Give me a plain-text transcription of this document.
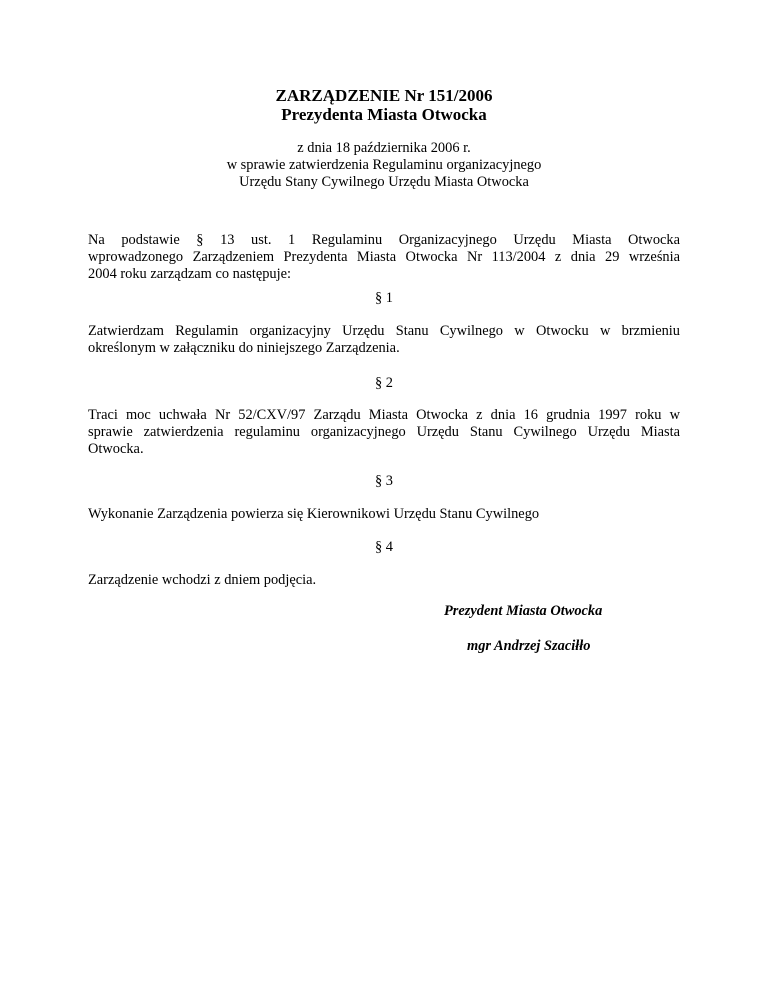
ZARZĄDZENIE Nr 151/2006
Prezydenta Miasta Otwocka
z dnia 18 października 2006 r.
w sprawie zatwierdzenia Regulaminu organizacyjnego
Urzędu Stany Cywilnego Urzędu Miasta Otwocka
Na podstawie § 13 ust. 1 Regulaminu Organizacyjnego Urzędu Miasta Otwocka
wprowadzonego Zarządzeniem Prezydenta Miasta Otwocka Nr 113/2004 z dnia 29 września
2004 roku zarządzam co następuje:
§ 1
Zatwierdzam Regulamin organizacyjny Urzędu Stanu Cywilnego w Otwocku w brzmieniu
określonym w załączniku do niniejszego Zarządzenia.
§ 2
Traci moc uchwała Nr 52/CXV/97 Zarządu Miasta Otwocka z dnia 16 grudnia 1997 roku w
sprawie zatwierdzenia regulaminu organizacyjnego Urzędu Stanu Cywilnego Urzędu Miasta
Otwocka.
§ 3
Wykonanie Zarządzenia powierza się Kierownikowi Urzędu Stanu Cywilnego
§ 4
Zarządzenie wchodzi z dniem podjęcia.
Prezydent Miasta Otwocka
mgr Andrzej Szaciłło
